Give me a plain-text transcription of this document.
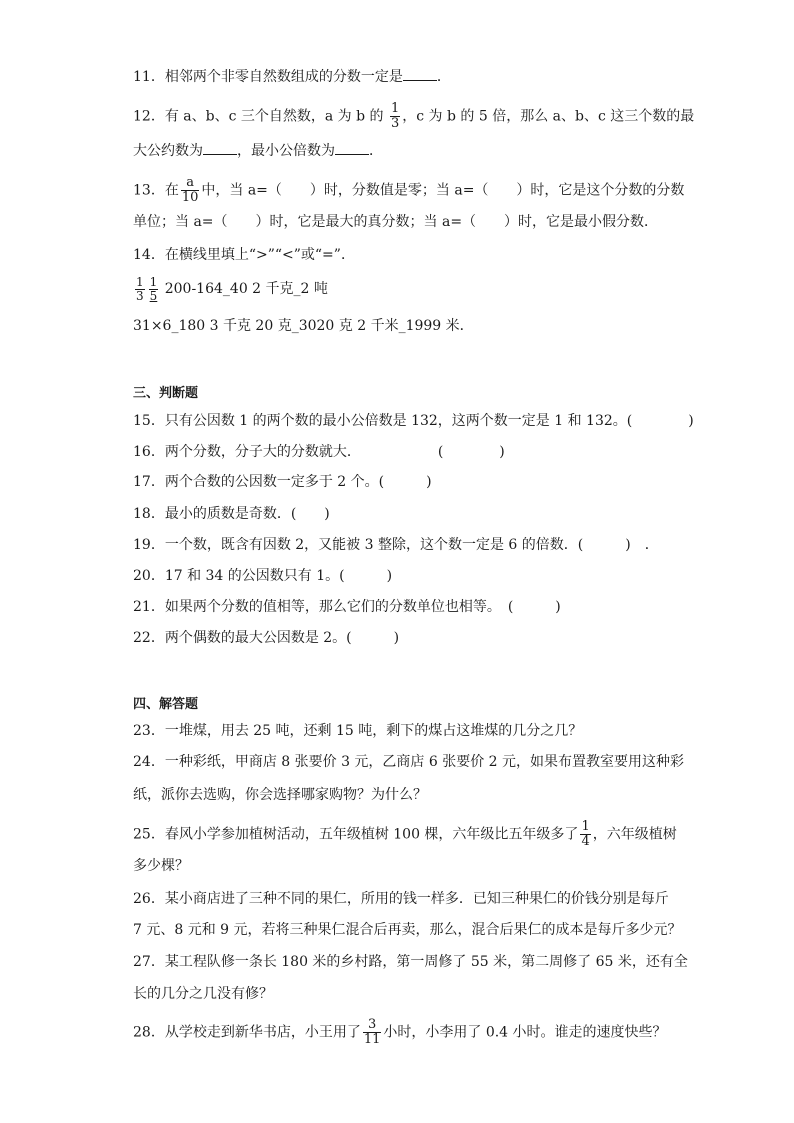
11．相邻两个非零自然数组成的分数一定是 ．
12．有 a、b、c 三个自然数，a 为 b 的 $\frac{1}{3}$ ，c 为 b 的 5 倍，那么 a、b、c 这三个数的最
大公约数为 ，最小公倍数为 ．
13．在 $\frac{a}{10}$ 中，当 a=（　　）时，分数值是零；当 a=（　　）时，它是这个分数的分数
单位；当 a=（　　）时，它是最大的真分数；当 a=（　　）时，它是最小假分数．
14．在横线里填上“>”“<”或“=”．
$\frac{1}{3} \frac{1}{5}$ 200-164_40 2 千克_2 吨
31×6_180 3 千克 20 克_3020 克 2 千米_1999 米．
三、判断题
15．只有公因数 1 的两个数的最小公倍数是 132，这两个数一定是 1 和 132。(　　　　)
16．两个分数，分子大的分数就大．　　　　　　(　　　　)
17．两个合数的公因数一定多于 2 个。(　　　)
18．最小的质数是奇数．(　　)
19．一个数，既含有因数 2，又能被 3 整除，这个数一定是 6 的倍数．(　　　)　．
20．17 和 34 的公因数只有 1。(　　　)
21．如果两个分数的值相等，那么它们的分数单位也相等。　(　　　)
22．两个偶数的最大公因数是 2。(　　　)
四、解答题
23．一堆煤，用去 25 吨，还剩 15 吨，剩下的煤占这堆煤的几分之几？
24．一种彩纸，甲商店 8 张要价 3 元，乙商店 6 张要价 2 元，如果布置教室要用这种彩
纸，派你去选购，你会选择哪家购物？为什么？
25．春风小学参加植树活动，五年级植树 100 棵，六年级比五年级多了 $\frac{1}{4}$ ，六年级植树
多少棵？
26．某小商店进了三种不同的果仁，所用的钱一样多．已知三种果仁的价钱分别是每斤
7 元、8 元和 9 元，若将三种果仁混合后再卖，那么，混合后果仁的成本是每斤多少元？
27．某工程队修一条长 180 米的乡村路，第一周修了 55 米，第二周修了 65 米，还有全
长的几分之几没有修？
28．从学校走到新华书店，小王用了 $\frac{3}{11}$ 小时，小李用了 0.4 小时。谁走的速度快些？
